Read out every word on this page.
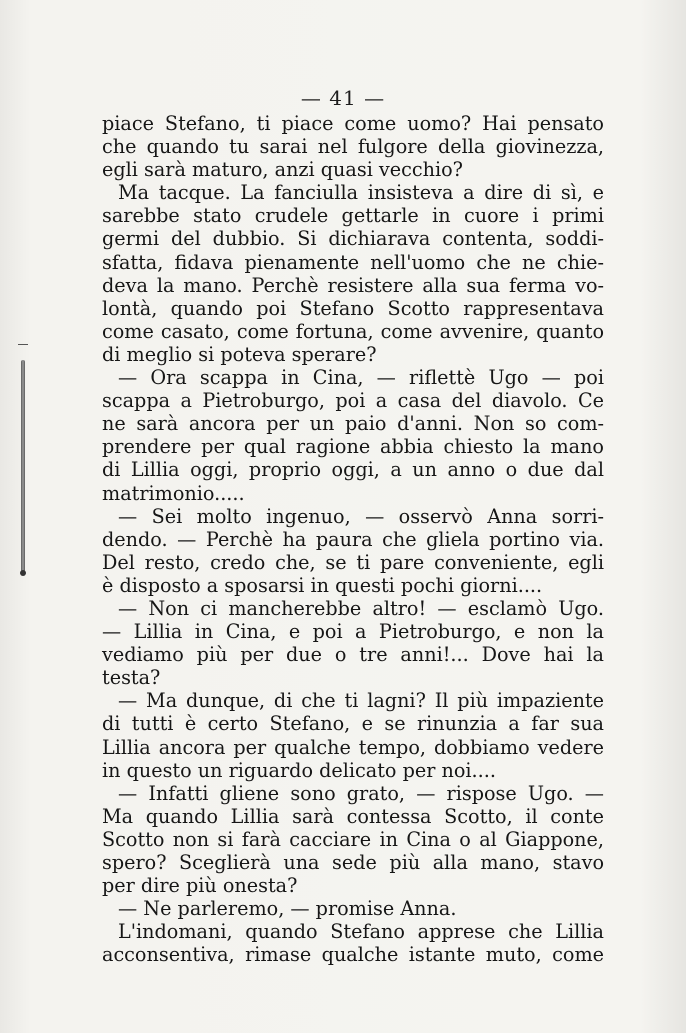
— 41 —
piace Stefano, ti piace come uomo? Hai pensato
che quando tu sarai nel fulgore della giovinezza,
egli sarà maturo, anzi quasi vecchio?
Ma tacque. La fanciulla insisteva a dire di sì, e
sarebbe stato crudele gettarle in cuore i primi
germi del dubbio. Si dichiarava contenta, soddi-
sfatta, fidava pienamente nell'uomo che ne chie-
deva la mano. Perchè resistere alla sua ferma vo-
lontà, quando poi Stefano Scotto rappresentava
come casato, come fortuna, come avvenire, quanto
di meglio si poteva sperare?
— Ora scappa in Cina, — riflettè Ugo — poi
scappa a Pietroburgo, poi a casa del diavolo. Ce
ne sarà ancora per un paio d'anni. Non so com-
prendere per qual ragione abbia chiesto la mano
di Lillia oggi, proprio oggi, a un anno o due dal
matrimonio.....
— Sei molto ingenuo, — osservò Anna sorri-
dendo. — Perchè ha paura che gliela portino via.
Del resto, credo che, se ti pare conveniente, egli
è disposto a sposarsi in questi pochi giorni....
— Non ci mancherebbe altro! — esclamò Ugo.
— Lillia in Cina, e poi a Pietroburgo, e non la
vediamo più per due o tre anni!... Dove hai la
testa?
— Ma dunque, di che ti lagni? Il più impaziente
di tutti è certo Stefano, e se rinunzia a far sua
Lillia ancora per qualche tempo, dobbiamo vedere
in questo un riguardo delicato per noi....
— Infatti gliene sono grato, — rispose Ugo. —
Ma quando Lillia sarà contessa Scotto, il conte
Scotto non si farà cacciare in Cina o al Giappone,
spero? Sceglierà una sede più alla mano, stavo
per dire più onesta?
— Ne parleremo, — promise Anna.
L'indomani, quando Stefano apprese che Lillia
acconsentiva, rimase qualche istante muto, come
